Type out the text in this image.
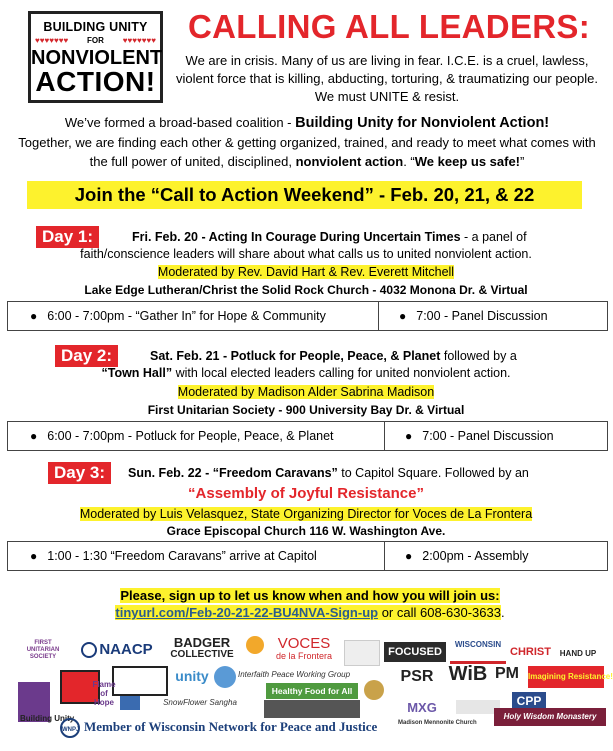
BUILDING UNITY
♥♥♥♥♥♥♥	FOR	♥♥♥♥♥♥♥
NONVIOLENT
ACTION!
CALLING ALL LEADERS:
We are in crisis. Many of us are living in fear. I.C.E. is a cruel, lawless, violent force that is killing, abducting, torturing, & traumatizing our people. We must UNITE & resist.
We’ve formed a broad-based coalition - Building Unity for Nonviolent Action!
Together, we are finding each other & getting organized, trained, and ready to meet what comes with the full power of united, disciplined, nonviolent action. “We keep us safe!”
Join the “Call to Action Weekend” - Feb. 20, 21, & 22
Day 1:	Fri. Feb. 20 - Acting In Courage During Uncertain Times - a panel of
faith/conscience leaders will share about what calls us to united nonviolent action.
Moderated by Rev. David Hart & Rev. Everett Mitchell
Lake Edge Lutheran/Christ the Solid Rock Church - 4032 Monona Dr. & Virtual
● 6:00 - 7:00pm - “Gather In” for Hope & Community	● 7:00 - Panel Discussion
Day 2:	Sat. Feb. 21 - Potluck for People, Peace, & Planet followed by a
“Town Hall” with local elected leaders calling for united nonviolent action.
Moderated by Madison Alder Sabrina Madison
First Unitarian Society - 900 University Bay Dr. & Virtual
● 6:00 - 7:00pm - Potluck for People, Peace, & Planet	● 7:00 - Panel Discussion
Day 3:	Sun. Feb. 22 - “Freedom Caravans” to Capitol Square. Followed by an
“Assembly of Joyful Resistance”
Moderated by Luis Velasquez, State Organizing Director for Voces de La Frontera
Grace Episcopal Church 116 W. Washington Ave.
● 1:00 - 1:30 “Freedom Caravans” arrive at Capitol	● 2:00pm - Assembly
Please, sign up to let us know when and how you will join us:
tinyurl.com/Feb-20-21-22-BU4NVA-Sign-up or call 608-630-3633.
FIRST UNITARIAN SOCIETY	NAACP	BADGER
COLLECTIVE
VOCES
de la Frontera	FOCUSED
WISCONSIN
CHRIST	HAND UP
unity	Interfaith Peace Working Group
Healthy Food for All
PSR WiB PM	Imagining Resistance!
Building Unity
Flame of Hope	SnowFlower Sangha	MXG	CPP
Holy Wisdom Monastery
Madison Mennonite Church
WNPJ Member of Wisconsin Network for Peace and Justice
